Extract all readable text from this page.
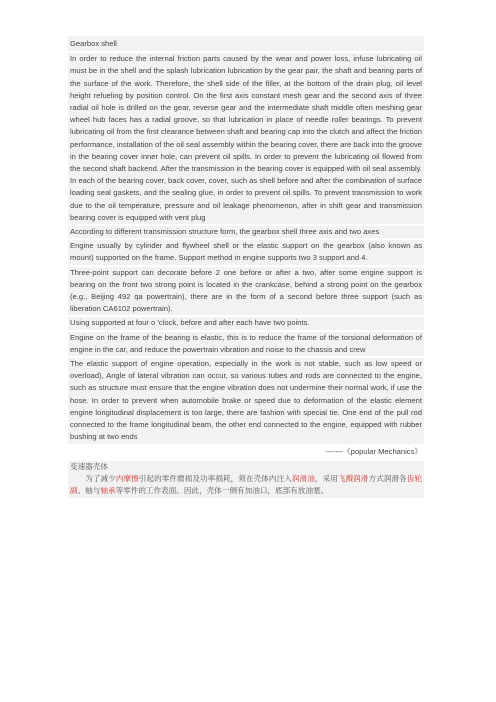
Gearbox shell
In order to reduce the internal friction parts caused by the wear and power loss, infuse lubricating oil must be in the shell and the splash lubrication lubrication by the gear pair, the shaft and bearing parts of the surface of the work. Therefore, the shell side of the filler, at the bottom of the drain plug, oil level height refueling by position control. On the first axis constant mesh gear and the second axis of three radial oil hole is drilled on the gear, reverse gear and the intermediate shaft middle often meshing gear wheel hub faces has a radial groove, so that lubrication in place of needle roller bearings. To prevent lubricating oil from the first clearance between shaft and bearing cap into the clutch and affect the friction performance, installation of the oil seal assembly within the bearing cover, there are back into the groove in the bearing cover inner hole, can prevent oil spills. In order to prevent the lubricating oil flowed from the second shaft backend. After the transmission in the bearing cover is equipped with oil seal assembly. In each of the bearing cover, back cover, cover, such as shell before and after the combination of surface loading seal gaskets, and the sealing glue, in order to prevent oil spills. To prevent transmission to work due to the oil temperature, pressure and oil leakage phenomenon, after in shift gear and transmission bearing cover is equipped with vent plug
According to different transmission structure form, the gearbox shell three axis and two axes
Engine usually by cylinder and flywheel shell or the elastic support on the gearbox (also known as mount) supported on the frame. Support method in engine supports two 3 support and 4.
Three-point support can decorate before 2 one before or after a two, after some engine support is bearing on the front two strong point is located in the crankcase, behind a strong point on the gearbox (e.g., Beijing 492 qa powertrain), there are in the form of a second before three support (such as liberation CA6102 powertrain).
Using supported at four o 'clock, before and after each have two points.
Engine on the frame of the bearing is elastic, this is to reduce the frame of the torsional deformation of engine in the car, and reduce the powertrain vibration and noise to the chassis and crew
The elastic support of engine operation, especially in the work is not stable, such as low speed or overload), Angle of lateral vibration can occur, so various tubes and rods are connected to the engine, such as structure must ensure that the engine vibration does not undermine their normal work, if use the hose. In order to prevent when automobile brake or speed due to deformation of the elastic element engine longitudinal displacement is too large, there are fashion with special tie. One end of the pull rod connected to the frame longitudinal beam, the other end connected to the engine, equipped with rubber bushing at two ends
-------《popular Mechanics》
变速器壳体
为了减少内摩擦引起的零件磨损及功率损耗，须在壳体内注入润滑油，采用飞溅润滑方式润滑各齿轮副、轴与轴承等零件的工作表面。因此，壳体一侧有加油口，底部有放油塞。
